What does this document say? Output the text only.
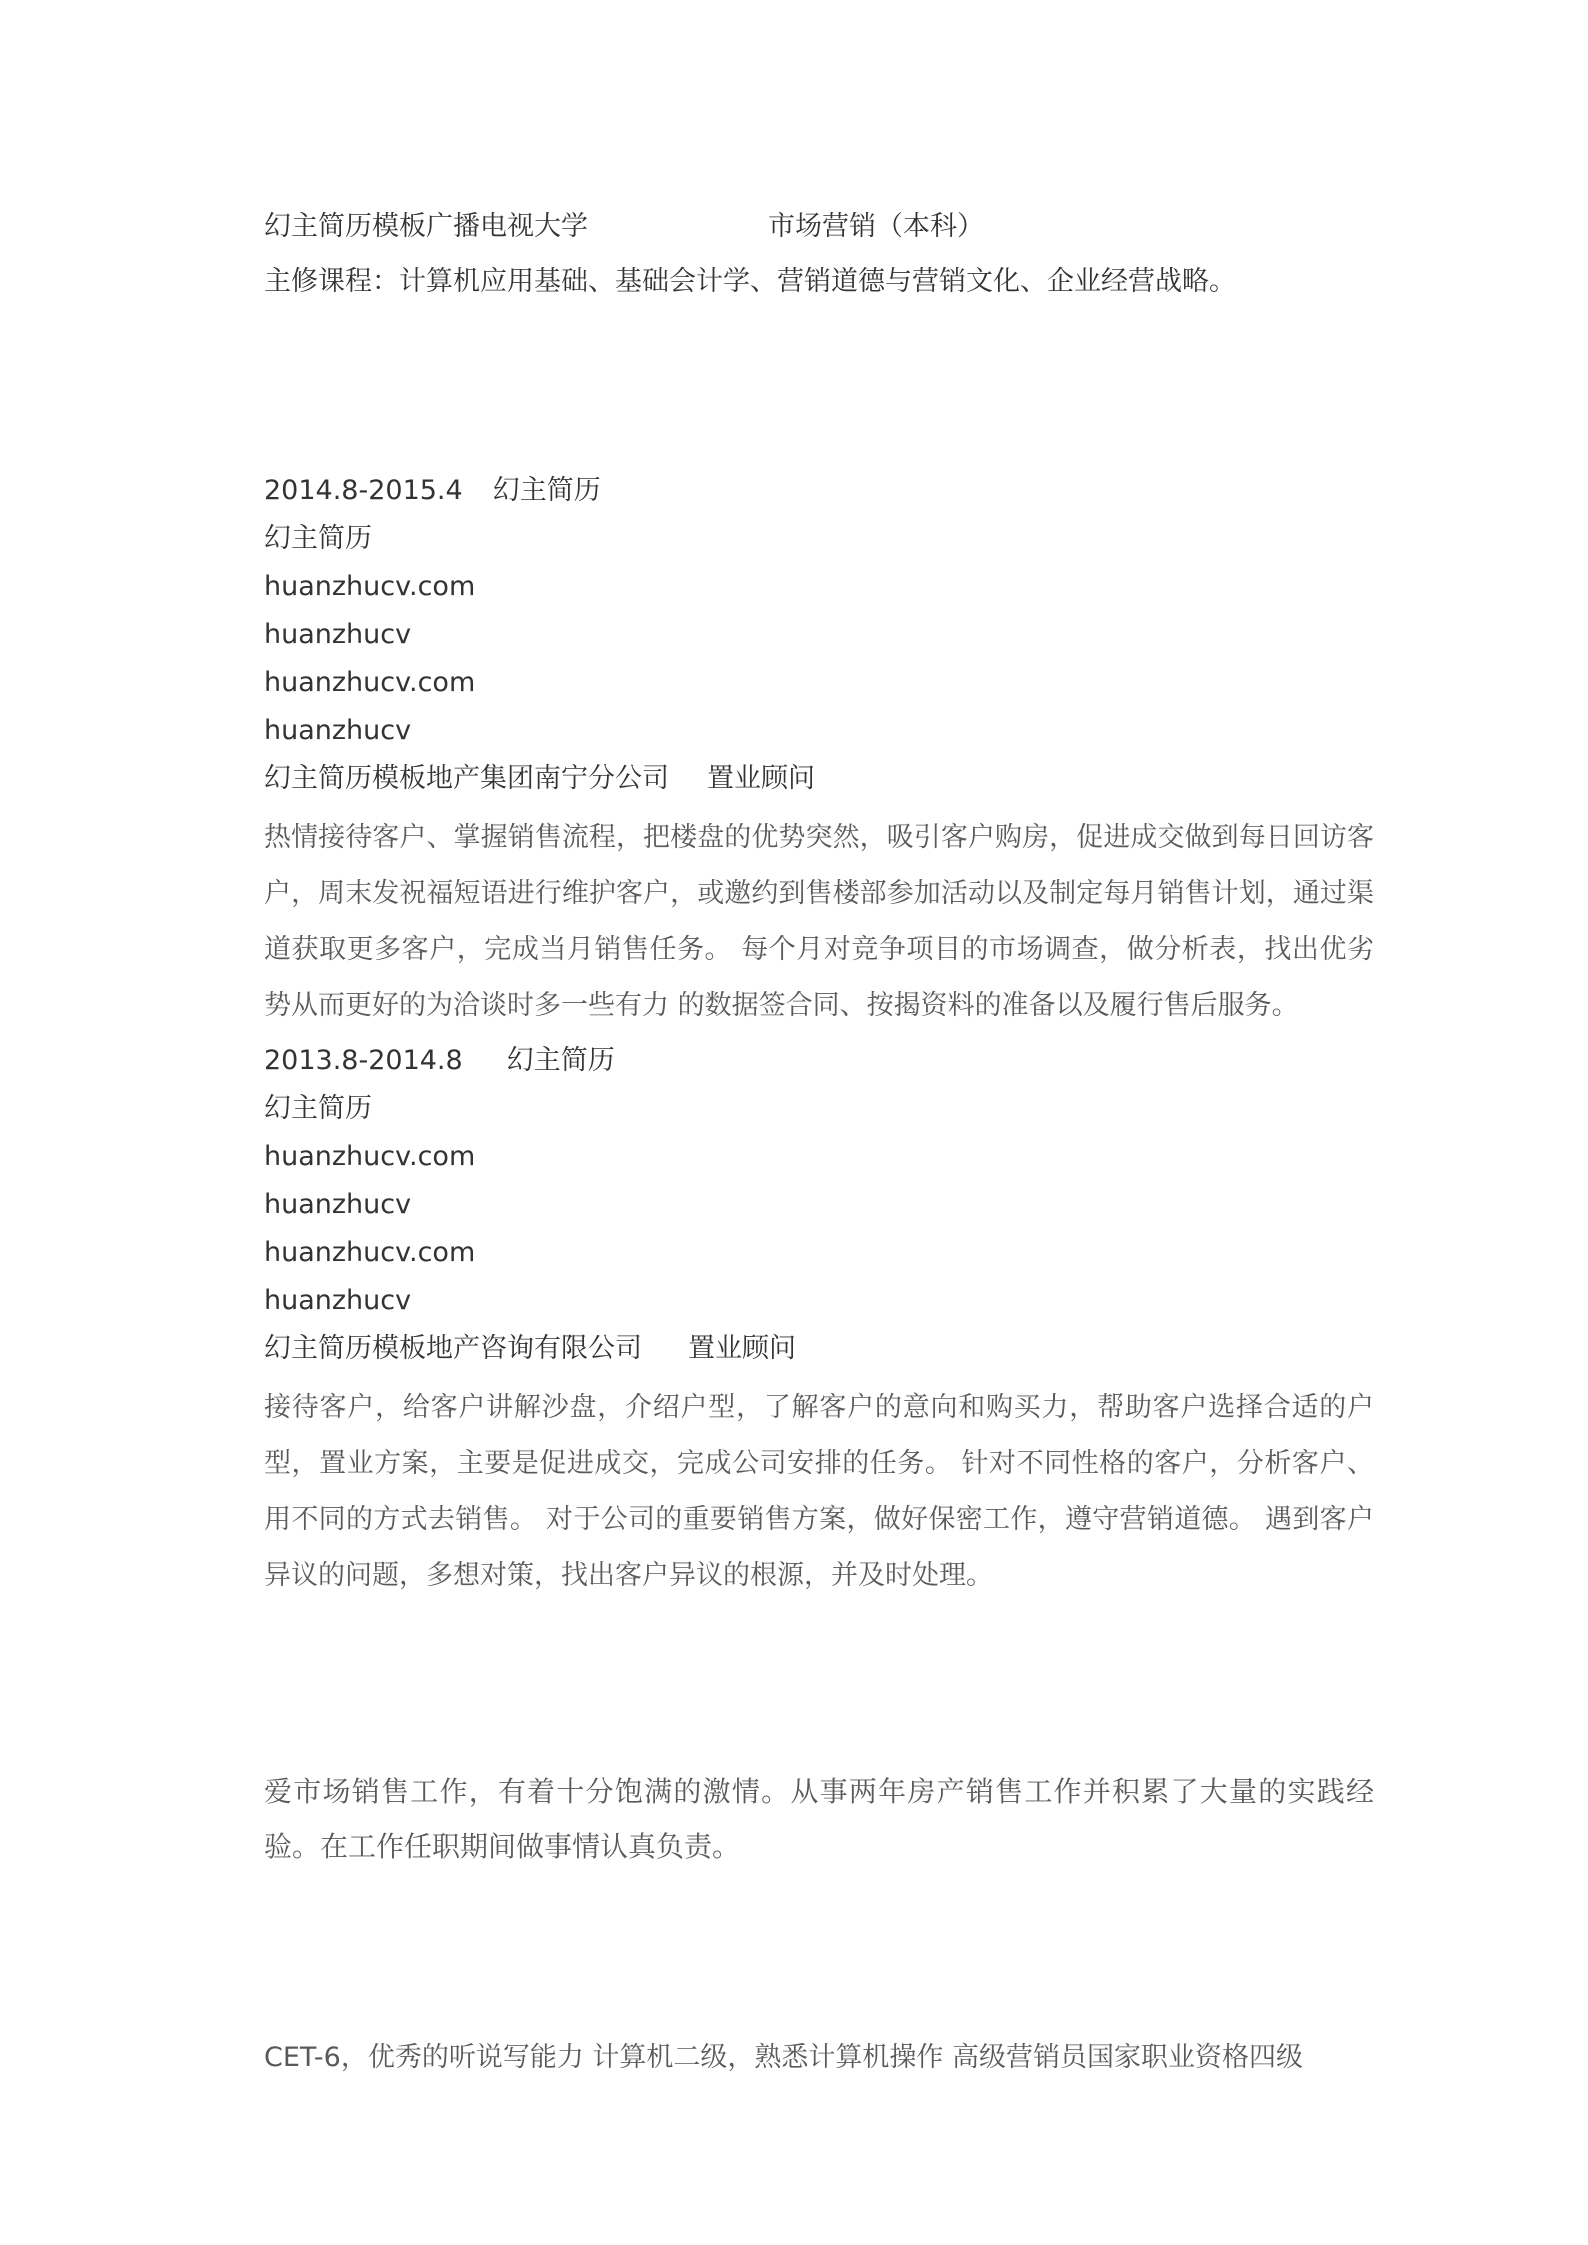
幻主简历模板广播电视大学	市场营销（本科）
主修课程：计算机应用基础、基础会计学、营销道德与营销文化、企业经营战略。
2014.8-2015.4 幻主简历
幻主简历
huanzhucv.com
huanzhucv
huanzhucv.com
huanzhucv
幻主简历模板地产集团南宁分公司 置业顾问
热情接待客户、掌握销售流程，把楼盘的优势突然，吸引客户购房，促进成交做到每日回访客户，周末发祝福短语进行维护客户，或邀约到售楼部参加活动以及制定每月销售计划，通过渠道获取更多客户，完成当月销售任务。 每个月对竞争项目的市场调查，做分析表，找出优劣势从而更好的为洽谈时多一些有力 的数据签合同、按揭资料的准备以及履行售后服务。
2013.8-2014.8 幻主简历
幻主简历
huanzhucv.com
huanzhucv
huanzhucv.com
huanzhucv
幻主简历模板地产咨询有限公司 置业顾问
接待客户，给客户讲解沙盘，介绍户型，了解客户的意向和购买力，帮助客户选择合适的户型，置业方案，主要是促进成交，完成公司安排的任务。 针对不同性格的客户，分析客户、用不同的方式去销售。 对于公司的重要销售方案，做好保密工作，遵守营销道德。 遇到客户异议的问题，多想对策，找出客户异议的根源，并及时处理。
爱市场销售工作，有着十分饱满的激情。从事两年房产销售工作并积累了大量的实践经验。在工作任职期间做事情认真负责。
CET-6，优秀的听说写能力 计算机二级，熟悉计算机操作 高级营销员国家职业资格四级
